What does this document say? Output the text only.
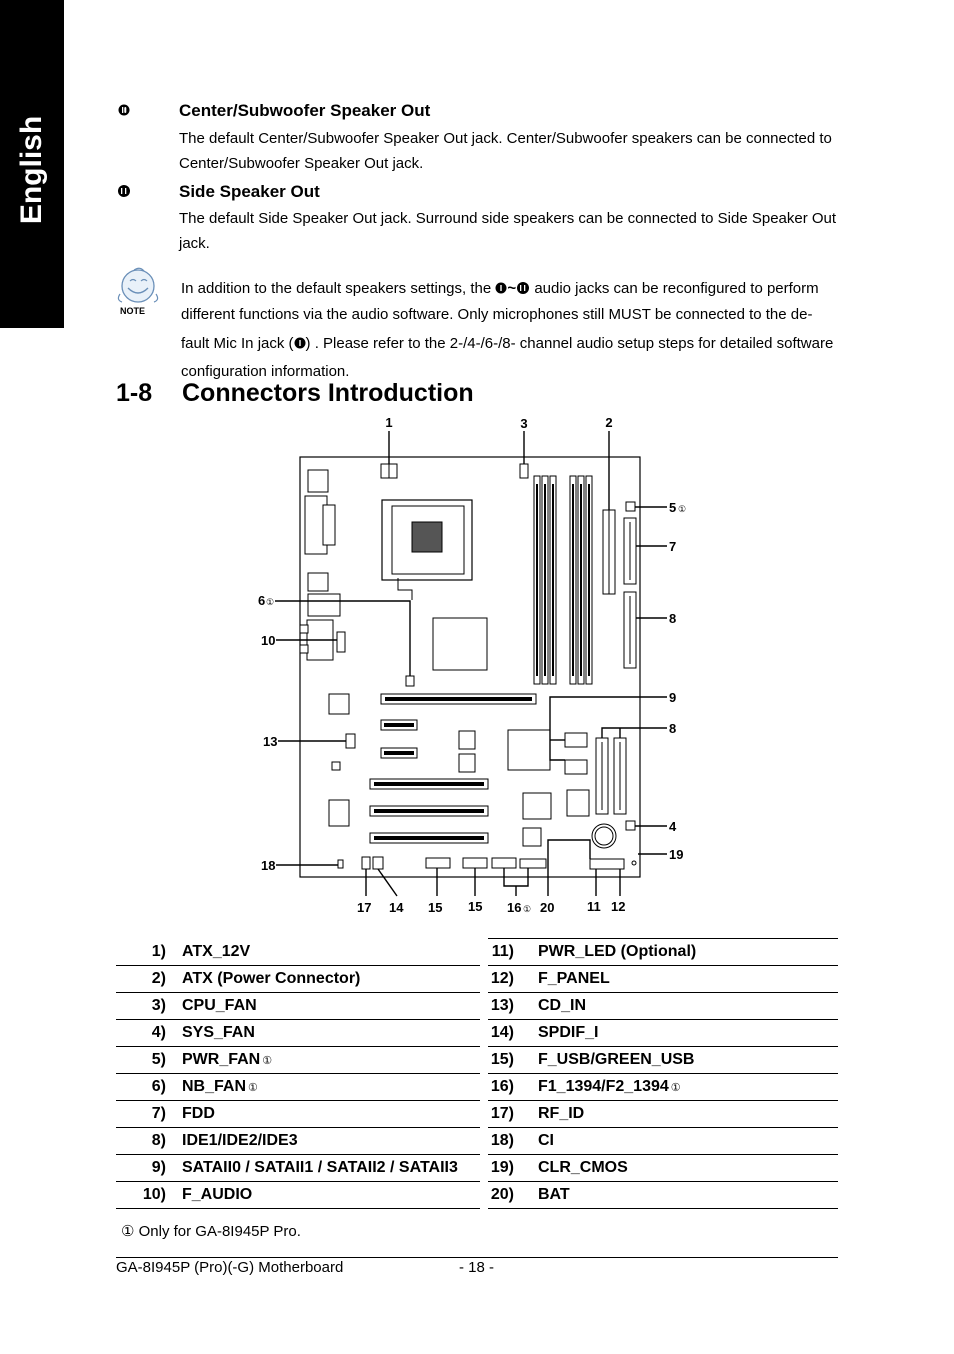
English
Center/Subwoofer Speaker Out
The default Center/Subwoofer Speaker Out jack. Center/Subwoofer speakers can be connected to Center/Subwoofer Speaker Out jack.
Side Speaker Out
The default Side Speaker Out jack. Surround side speakers can be connected to Side Speaker Out jack.
NOTE
In addition to the default speakers settings, the ~ audio jacks can be reconfigured to perform different functions via the audio software. Only microphones still MUST be connected to the de-
fault Mic In jack ( ) . Please refer to the 2-/4-/6-/8- channel audio setup steps for detailed software configuration information.
1-8 Connectors Introduction
1	3	2
5 ①
7
8
6 ①
10
9
8
13
4
19
18
17 14 15 15 16 ① 20	11 12
1)	ATX_12V		11)	PWR_LED (Optional)
2)	ATX (Power Connector)		12)	F_PANEL
3)	CPU_FAN		13)	CD_IN
4)	SYS_FAN		14)	SPDIF_I
5)	PWR_FAN ①		15)	F_USB/GREEN_USB
6)	NB_FAN ①		16)	F1_1394/F2_1394 ①
7)	FDD		17)	RF_ID
8)	IDE1/IDE2/IDE3		18)	CI
9)	SATAII0 / SATAII1 / SATAII2 / SATAII3		19)	CLR_CMOS
10)	F_AUDIO		20)	BAT
① Only for GA-8I945P Pro.
GA-8I945P (Pro)(-G) Motherboard	- 18 -
